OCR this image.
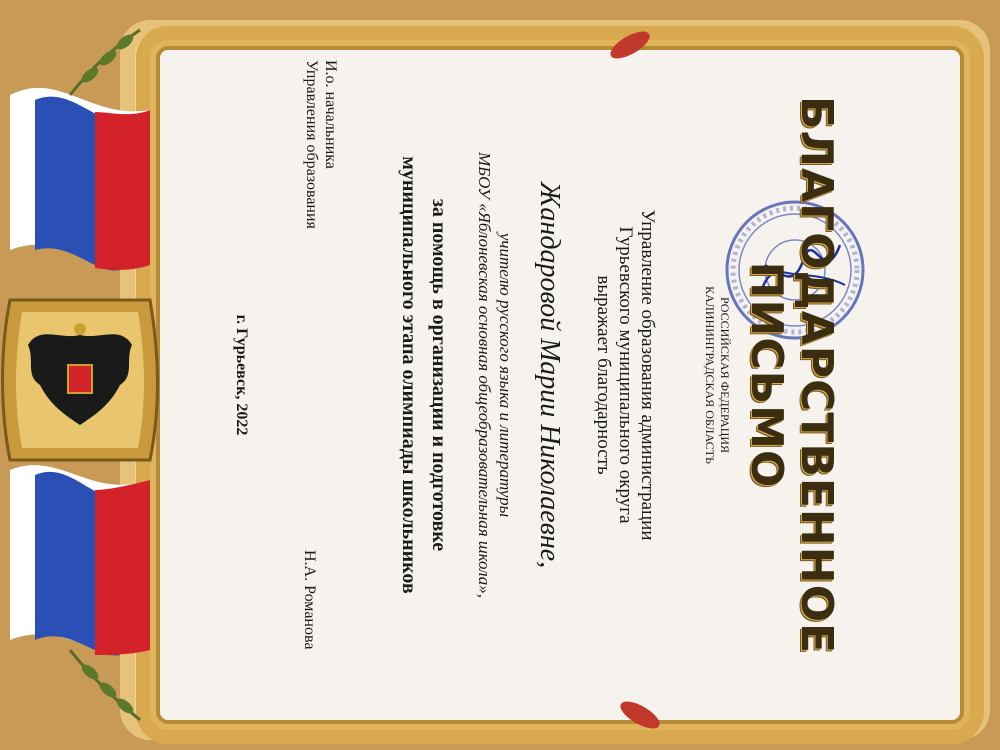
БЛАГОДАРСТВЕННОЕ
ПИСЬМО
РОССИЙСКАЯ ФЕДЕРАЦИЯ
КАЛИНИНГРАДСКАЯ ОБЛАСТЬ
Управление образования администрации
Гурьевского муниципального округа
выражает благодарность
Жандаровой Марии Николаевне,
учителю русского языка и литературы
МБОУ «Яблоневская основная общеобразовательная школа»,
за помощь в организации и подготовке
муниципального этапа олимпиады школьников
И.о. начальника
Управления образования
Н.А. Романова
г. Гурьевск, 2022
